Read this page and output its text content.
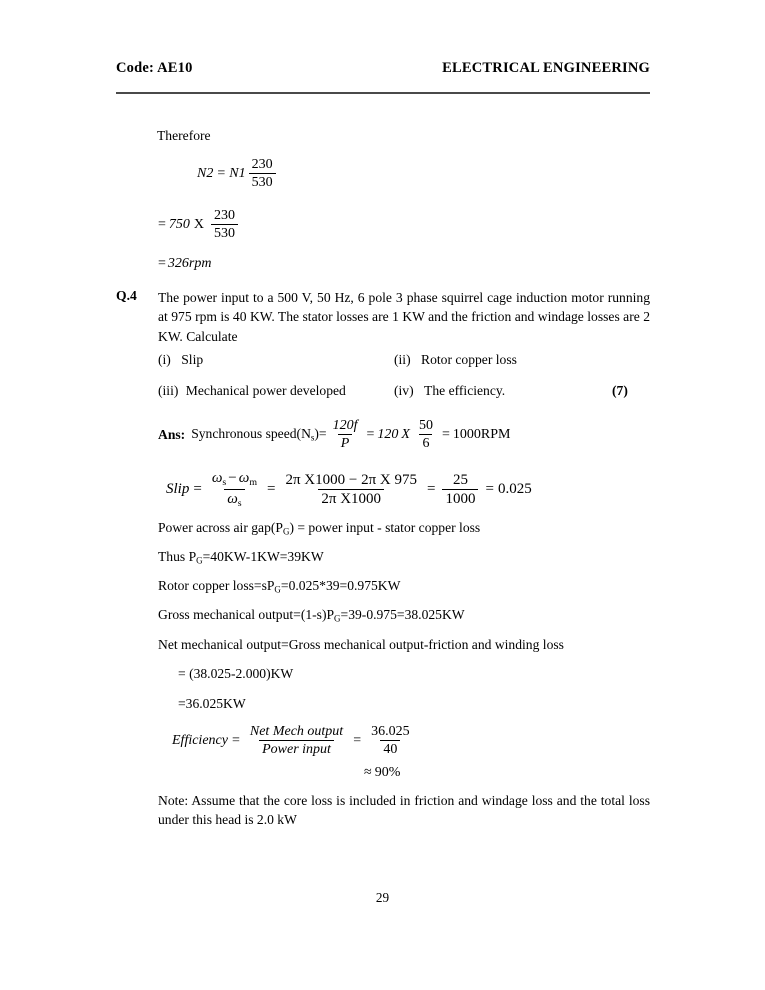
Code: AE10	ELECTRICAL ENGINEERING
Therefore
$N2 = N1 \frac{230}{530}$
= 750 X $\frac{230}{530}$
= 326 rpm
Q.4 The power input to a 500 V, 50 Hz, 6 pole 3 phase squirrel cage induction motor running at 975 rpm is 40 KW. The stator losses are 1 KW and the friction and windage losses are 2 KW. Calculate
(i) Slip	(ii) Rotor copper loss
(iii) Mechanical power developed	(iv) The efficiency.	(7)
Ans: Synchronous $speed(N_s)= \frac{120f}{P} = 120$ X $\frac{50}{6} = 1000RPM$
Slip = $\frac{\omega_s - \omega_m}{\omega_s} = \frac{\text{2π X1000 − 2π X 975}}{\text{2π X1000}} = \frac{25}{1000} = 0.025$
Power across air $gap(P_G)$ = power input - stator copper loss
Thus $P_G=40KW-1KW=39KW$
Rotor copper $loss=sP_G=0.025*39=0.975KW$
Gross mechanical $output=(1-s)P_G=39-0.975=38.025KW$
Net mechanical output=Gross mechanical output-friction and winding loss
= (38.025-2.000)KW
=36.025KW
Efficiency = $\frac{\text{Net Mech output}}{\text{Power input}} = \frac{36.025}{40}$
≈ 90%
Note: Assume that the core loss is included in friction and windage loss and the total loss under this head is 2.0 kW
29
